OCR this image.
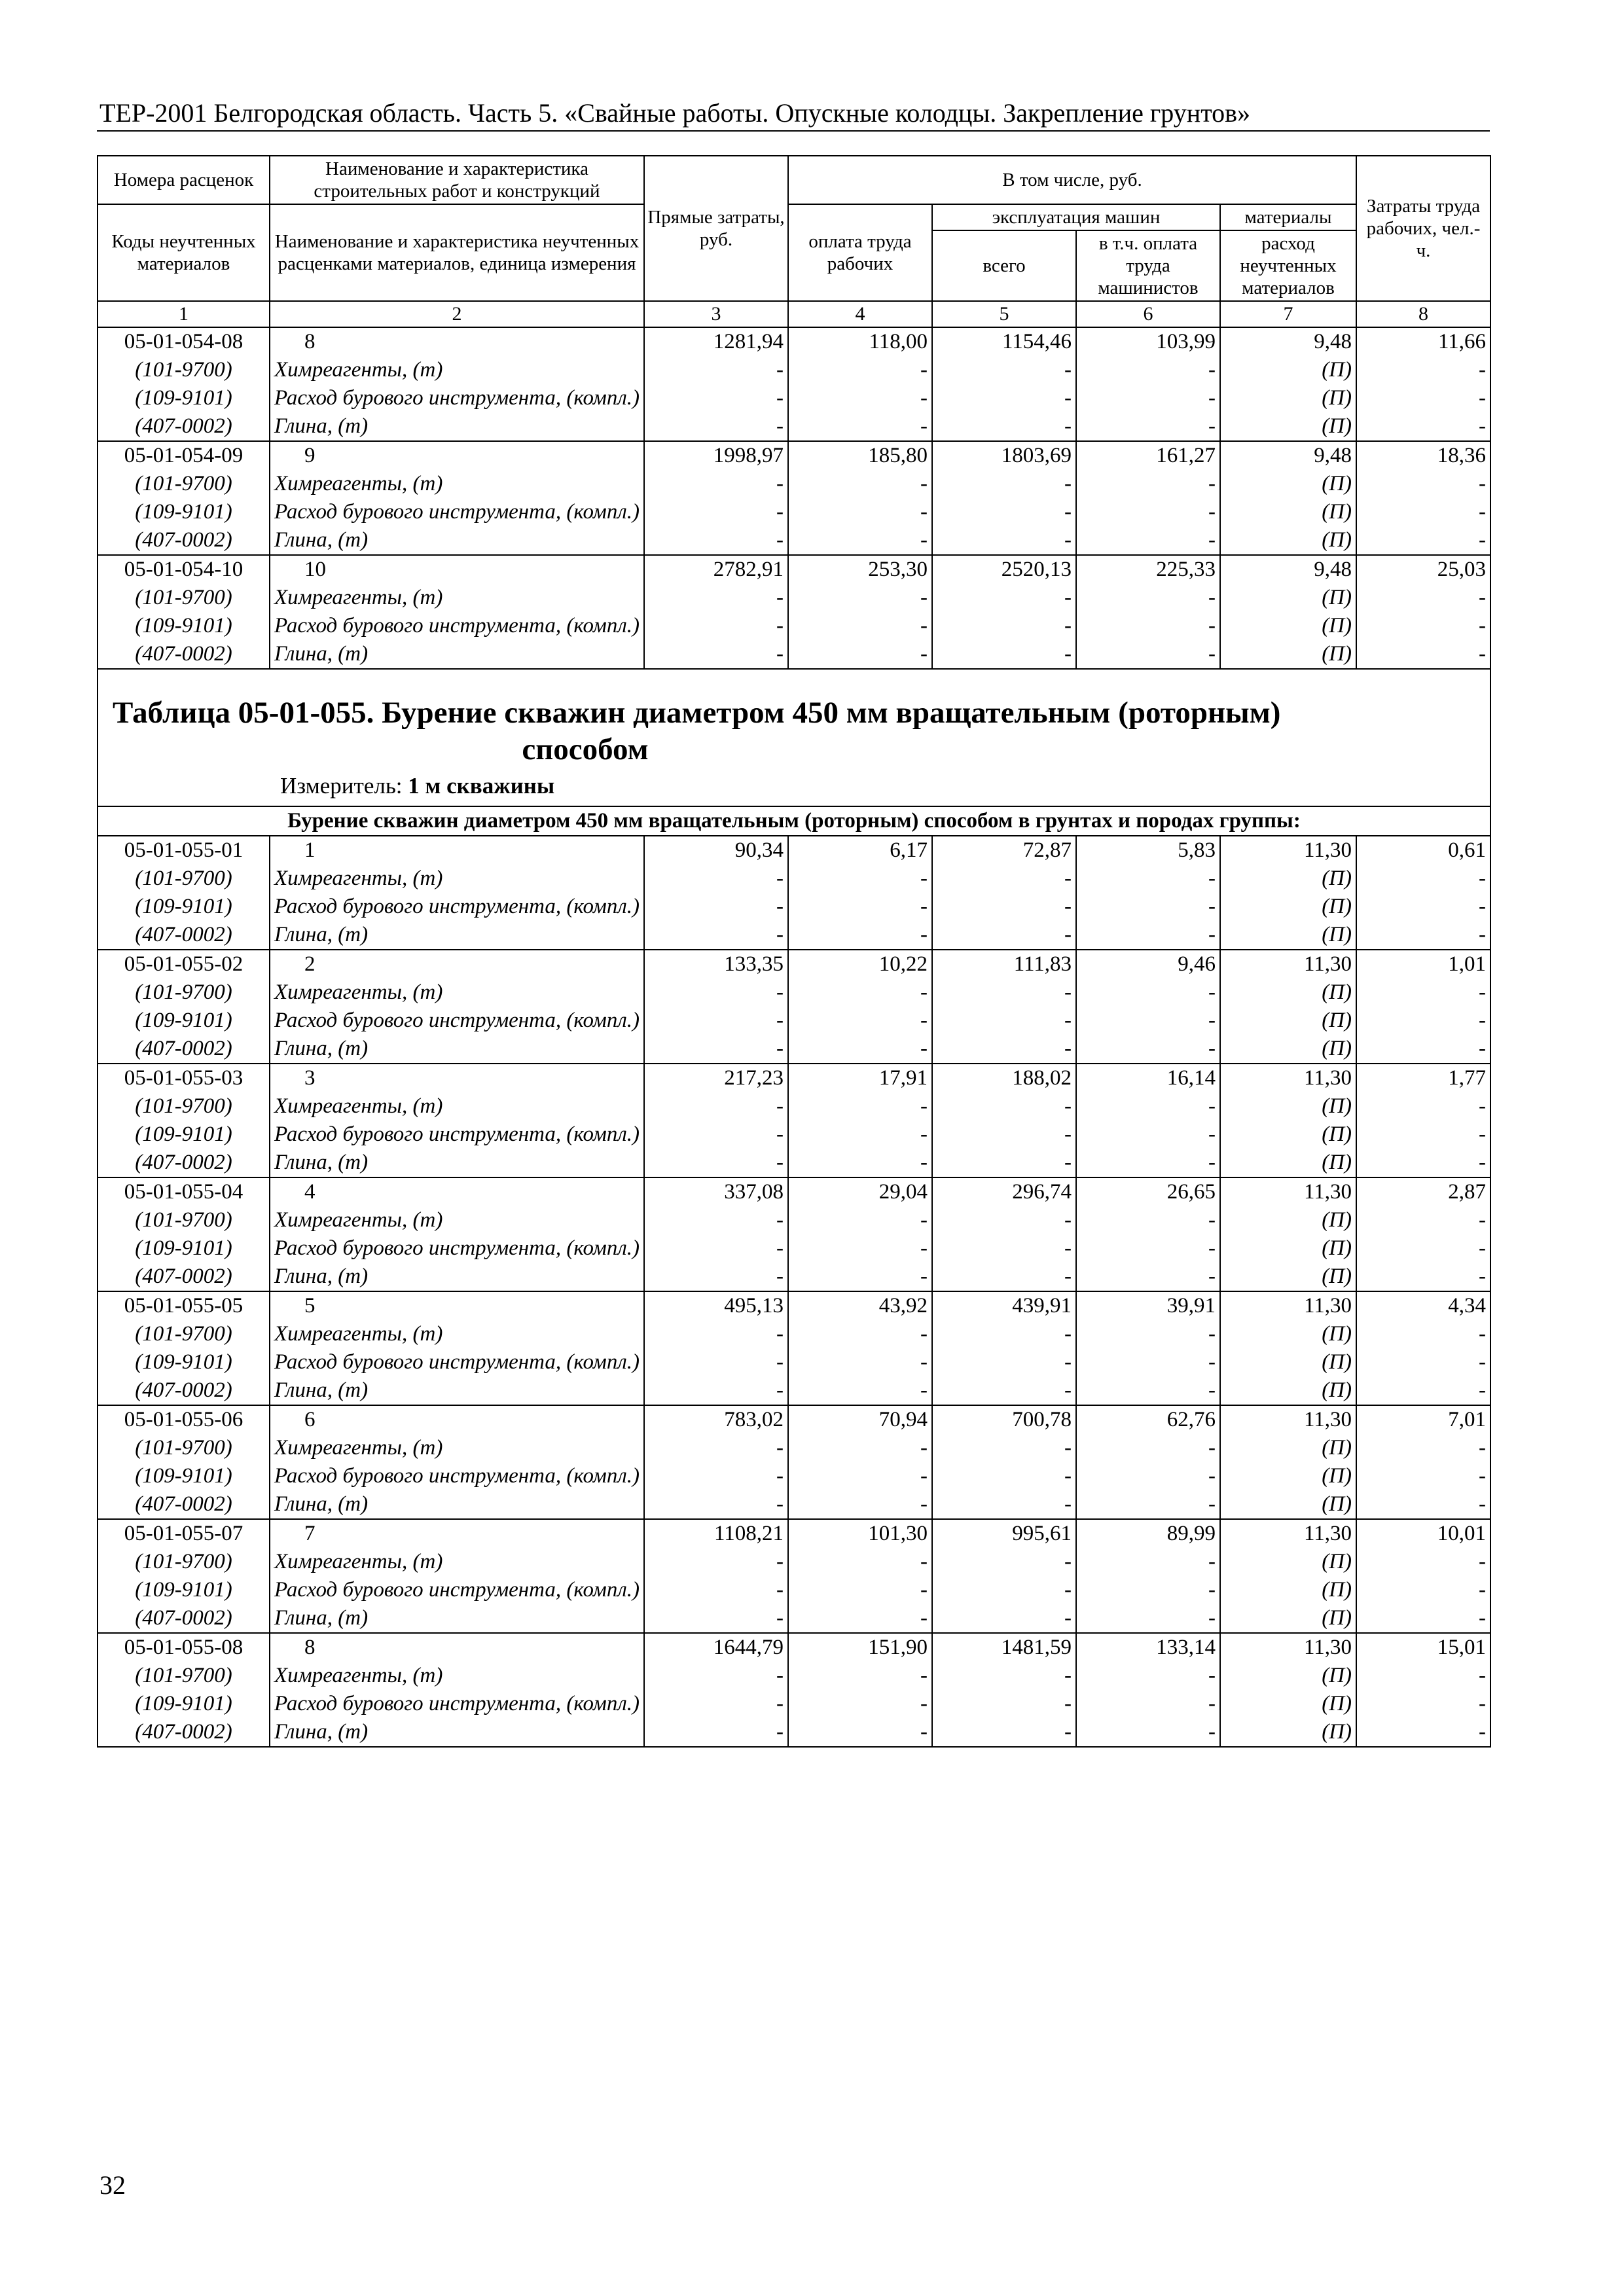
ТЕР-2001 Белгородская область. Часть 5. «Свайные работы. Опускные колодцы. Закрепление грунтов»
Номера расценок	Наименование и характеристика строительных работ и конструкций	Прямые затраты, руб.	В том числе, руб.				Затраты труда рабочих, чел.-ч.
Коды неучтенных материалов	Наименование и характеристика неучтенных расценками материалов, единица измерения		оплата труда рабочих	эксплуатация машин		материалы	
				всего	в т.ч. оплата труда машинистов	расход неучтенных материалов	
1	2	3	4	5	6	7	8
05-01-054-08	8	1281,94	118,00	1154,46	103,99	9,48	11,66
(101-9700)	Химреагенты, (т)	-	-	-	-	(П)	-
(109-9101)	Расход бурового инструмента, (компл.)	-	-	-	-	(П)	-
(407-0002)	Глина, (т)	-	-	-	-	(П)	-
05-01-054-09	9	1998,97	185,80	1803,69	161,27	9,48	18,36
(101-9700)	Химреагенты, (т)	-	-	-	-	(П)	-
(109-9101)	Расход бурового инструмента, (компл.)	-	-	-	-	(П)	-
(407-0002)	Глина, (т)	-	-	-	-	(П)	-
05-01-054-10	10	2782,91	253,30	2520,13	225,33	9,48	25,03
(101-9700)	Химреагенты, (т)	-	-	-	-	(П)	-
(109-9101)	Расход бурового инструмента, (компл.)	-	-	-	-	(П)	-
(407-0002)	Глина, (т)	-	-	-	-	(П)	-

Таблица 05-01-055. Бурение скважин диаметром 450 мм вращательным (роторным)
способом
Измеритель: 1 м скважины							

Бурение скважин диаметром 450 мм вращательным (роторным) способом в грунтах и породах группы:							
05-01-055-01	1	90,34	6,17	72,87	5,83	11,30	0,61
(101-9700)	Химреагенты, (т)	-	-	-	-	(П)	-
(109-9101)	Расход бурового инструмента, (компл.)	-	-	-	-	(П)	-
(407-0002)	Глина, (т)	-	-	-	-	(П)	-
05-01-055-02	2	133,35	10,22	111,83	9,46	11,30	1,01
(101-9700)	Химреагенты, (т)	-	-	-	-	(П)	-
(109-9101)	Расход бурового инструмента, (компл.)	-	-	-	-	(П)	-
(407-0002)	Глина, (т)	-	-	-	-	(П)	-
05-01-055-03	3	217,23	17,91	188,02	16,14	11,30	1,77
(101-9700)	Химреагенты, (т)	-	-	-	-	(П)	-
(109-9101)	Расход бурового инструмента, (компл.)	-	-	-	-	(П)	-
(407-0002)	Глина, (т)	-	-	-	-	(П)	-
05-01-055-04	4	337,08	29,04	296,74	26,65	11,30	2,87
(101-9700)	Химреагенты, (т)	-	-	-	-	(П)	-
(109-9101)	Расход бурового инструмента, (компл.)	-	-	-	-	(П)	-
(407-0002)	Глина, (т)	-	-	-	-	(П)	-
05-01-055-05	5	495,13	43,92	439,91	39,91	11,30	4,34
(101-9700)	Химреагенты, (т)	-	-	-	-	(П)	-
(109-9101)	Расход бурового инструмента, (компл.)	-	-	-	-	(П)	-
(407-0002)	Глина, (т)	-	-	-	-	(П)	-
05-01-055-06	6	783,02	70,94	700,78	62,76	11,30	7,01
(101-9700)	Химреагенты, (т)	-	-	-	-	(П)	-
(109-9101)	Расход бурового инструмента, (компл.)	-	-	-	-	(П)	-
(407-0002)	Глина, (т)	-	-	-	-	(П)	-
05-01-055-07	7	1108,21	101,30	995,61	89,99	11,30	10,01
(101-9700)	Химреагенты, (т)	-	-	-	-	(П)	-
(109-9101)	Расход бурового инструмента, (компл.)	-	-	-	-	(П)	-
(407-0002)	Глина, (т)	-	-	-	-	(П)	-
05-01-055-08	8	1644,79	151,90	1481,59	133,14	11,30	15,01
(101-9700)	Химреагенты, (т)	-	-	-	-	(П)	-
(109-9101)	Расход бурового инструмента, (компл.)	-	-	-	-	(П)	-
(407-0002)	Глина, (т)	-	-	-	-	(П)	-
32
